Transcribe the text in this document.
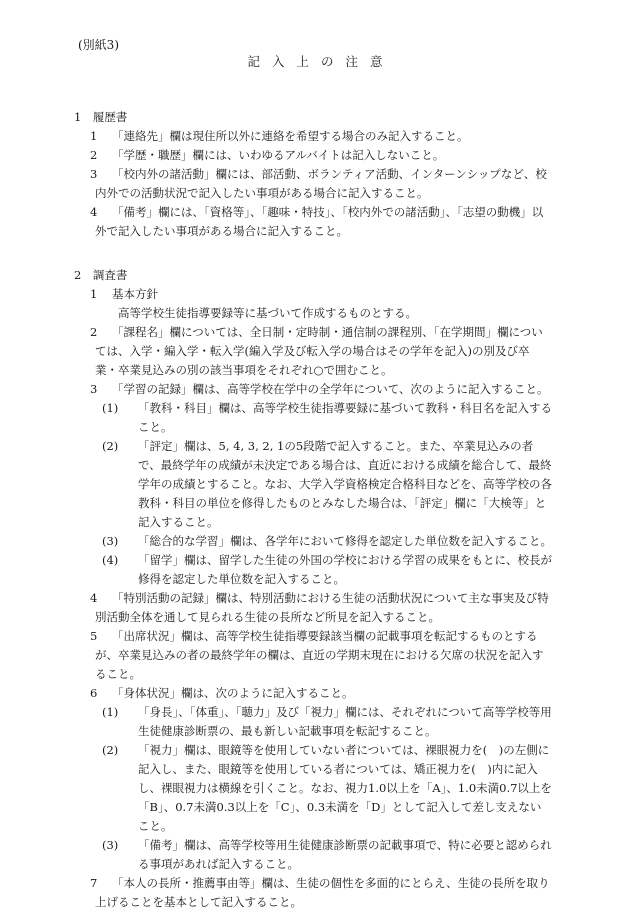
(別紙3)
記入上の注意
1　履歴書
1	「連絡先」欄は現住所以外に連絡を希望する場合のみ記入すること。
2	「学歴・職歴」欄には、いわゆるアルバイトは記入しないこと。
3	「校内外の諸活動」欄には、部活動、ボランティア活動、インターンシップなど、校内外での活動状況で記入したい事項がある場合に記入すること。
4	「備考」欄には、「資格等」、「趣味・特技」、「校内外での諸活動」、「志望の動機」以外で記入したい事項がある場合に記入すること。
2　調査書
1	基本方針
高等学校生徒指導要録等に基づいて作成するものとする。
2	「課程名」欄については、全日制・定時制・通信制の課程別、「在学期間」欄については、入学・編入学・転入学(編入学及び転入学の場合はその学年を記入)の別及び卒業・卒業見込みの別の該当事項をそれぞれ○で囲むこと。
3	「学習の記録」欄は、高等学校在学中の全学年について、次のように記入すること。
(1) 「教科・科目」欄は、高等学校生徒指導要録に基づいて教科・科目名を記入すること。
(2) 「評定」欄は、5, 4, 3, 2, 1の5段階で記入すること。また、卒業見込みの者で、最終学年の成績が未決定である場合は、直近における成績を総合して、最終学年の成績とすること。なお、大学入学資格検定合格科目などを、高等学校の各教科・科目の単位を修得したものとみなした場合は、「評定」欄に「大検等」と記入すること。
(3) 「総合的な学習」欄は、各学年において修得を認定した単位数を記入すること。
(4) 「留学」欄は、留学した生徒の外国の学校における学習の成果をもとに、校長が修得を認定した単位数を記入すること。
4	「特別活動の記録」欄は、特別活動における生徒の活動状況について主な事実及び特別活動全体を通して見られる生徒の長所など所見を記入すること。
5	「出席状況」欄は、高等学校生徒指導要録該当欄の記載事項を転記するものとするが、卒業見込みの者の最終学年の欄は、直近の学期末現在における欠席の状況を記入すること。
6	「身体状況」欄は、次のように記入すること。
(1) 「身長」、「体重」、「聴力」及び「視力」欄には、それぞれについて高等学校等用生徒健康診断票の、最も新しい記載事項を転記すること。
(2) 「視力」欄は、眼鏡等を使用していない者については、裸眼視力を(　)の左側に記入し、また、眼鏡等を使用している者については、矯正視力を(　)内に記入し、裸眼視力は横線を引くこと。なお、視力1.0以上を「A」、1.0未満0.7以上を「B」、0.7未満0.3以上を「C」、0.3未満を「D」として記入して差し支えないこと。
(3) 「備考」欄は、高等学校等用生徒健康診断票の記載事項で、特に必要と認められる事項があれば記入すること。
7	「本人の長所・推薦事由等」欄は、生徒の個性を多面的にとらえ、生徒の長所を取り上げることを基本として記入すること。
